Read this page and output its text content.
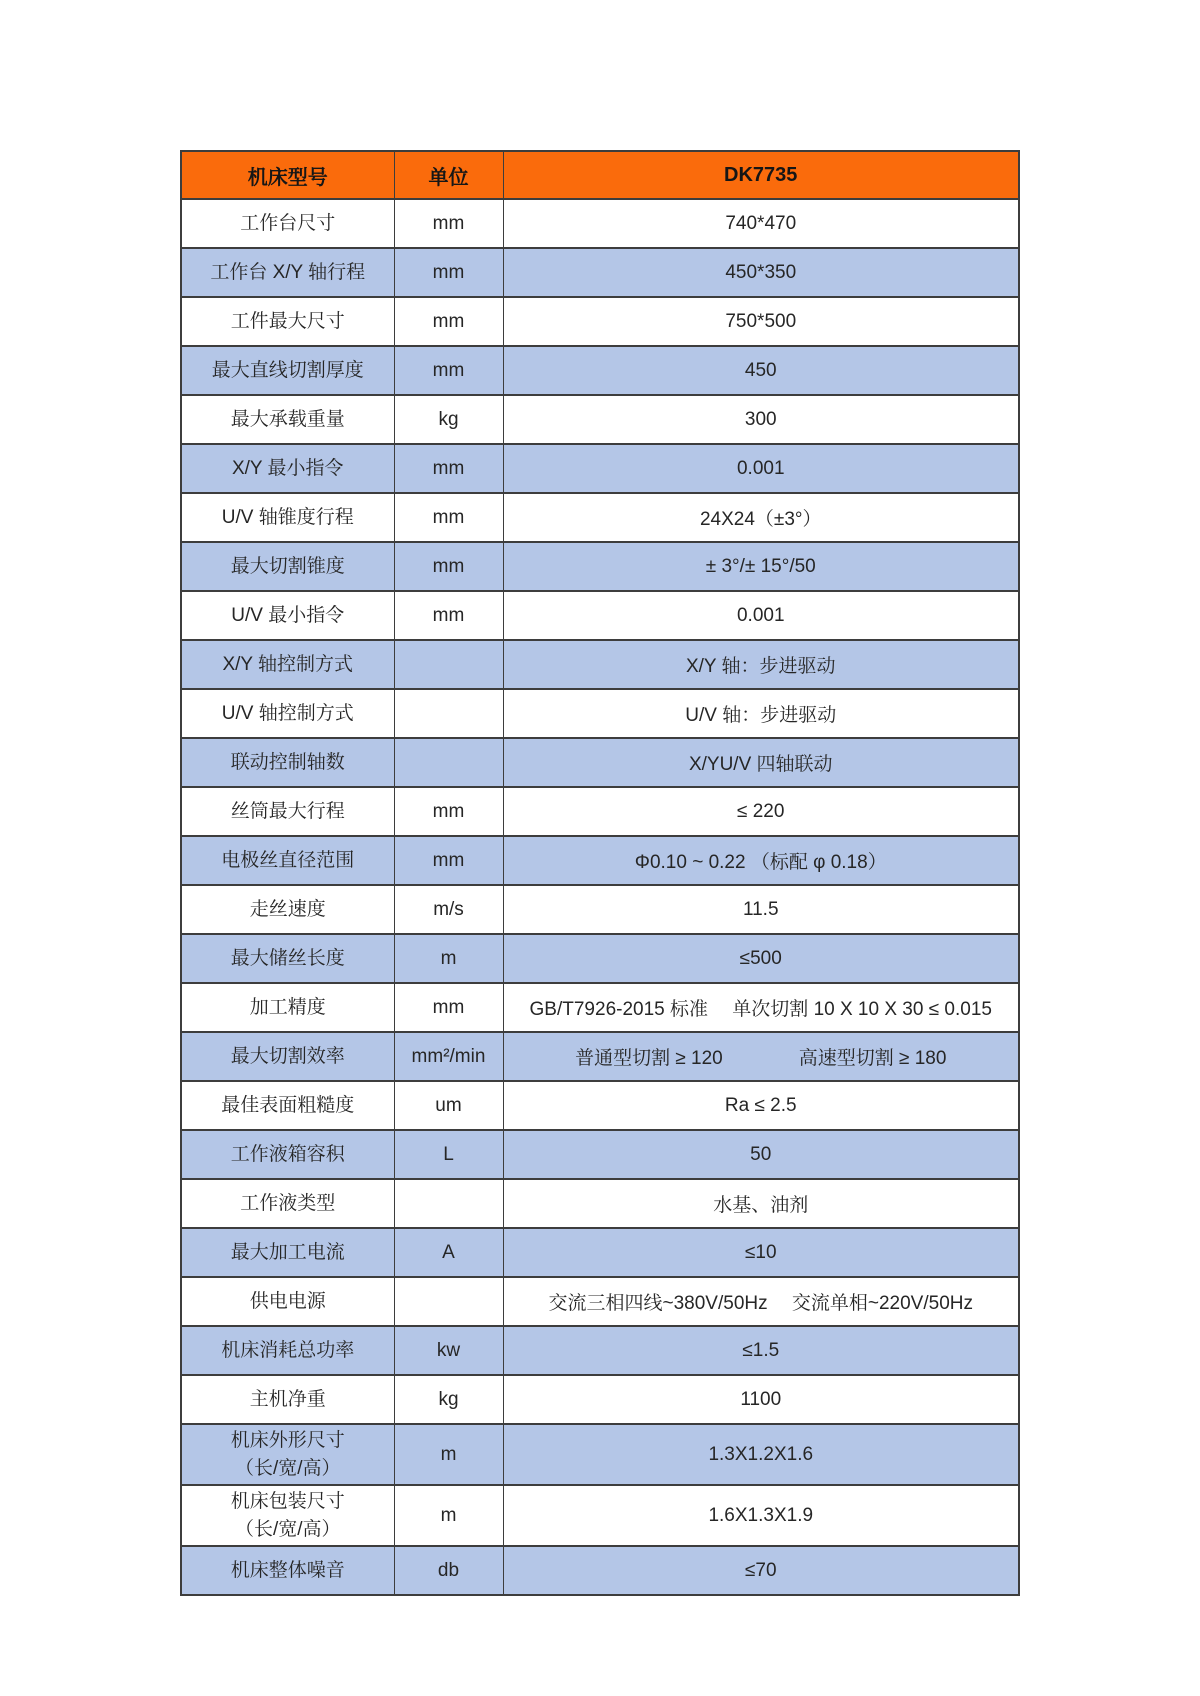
机床型号	单位	DK7735

工作台尺寸	mm	740*470

工作台 X/Y 轴行程	mm	450*350

工件最大尺寸	mm	750*500

最大直线切割厚度	mm	450

最大承载重量	kg	300

X/Y 最小指令	mm	0.001

U/V 轴锥度行程	mm	24X24（±3°）

最大切割锥度	mm	± 3°/± 15°/50

U/V 最小指令	mm	0.001

X/Y 轴控制方式		X/Y 轴：步进驱动

U/V 轴控制方式		U/V 轴：步进驱动

联动控制轴数		X/YU/V 四轴联动

丝筒最大行程	mm	≤ 220

电极丝直径范围	mm	Φ0.10 ~ 0.22 （标配 φ 0.18）

走丝速度	m/s	11.5

最大储丝长度	m	≤500

加工精度	mm	GB/T7926-2015 标准　 单次切割 10 X 10 X 30 ≤ 0.015

最大切割效率	mm²/min	普通型切割 ≥ 120　　　　高速型切割 ≥ 180

最佳表面粗糙度	um	Ra ≤ 2.5

工作液箱容积	L	50

工作液类型		水基、油剂

最大加工电流	A	≤10

供电电源		交流三相四线~380V/50Hz　 交流单相~220V/50Hz

机床消耗总功率	kw	≤1.5

主机净重	kg	1100

机床外形尺寸
（长/宽/高）	m	1.3X1.2X1.6

机床包装尺寸
（长/宽/高）	m	1.6X1.3X1.9

机床整体噪音	db	≤70
